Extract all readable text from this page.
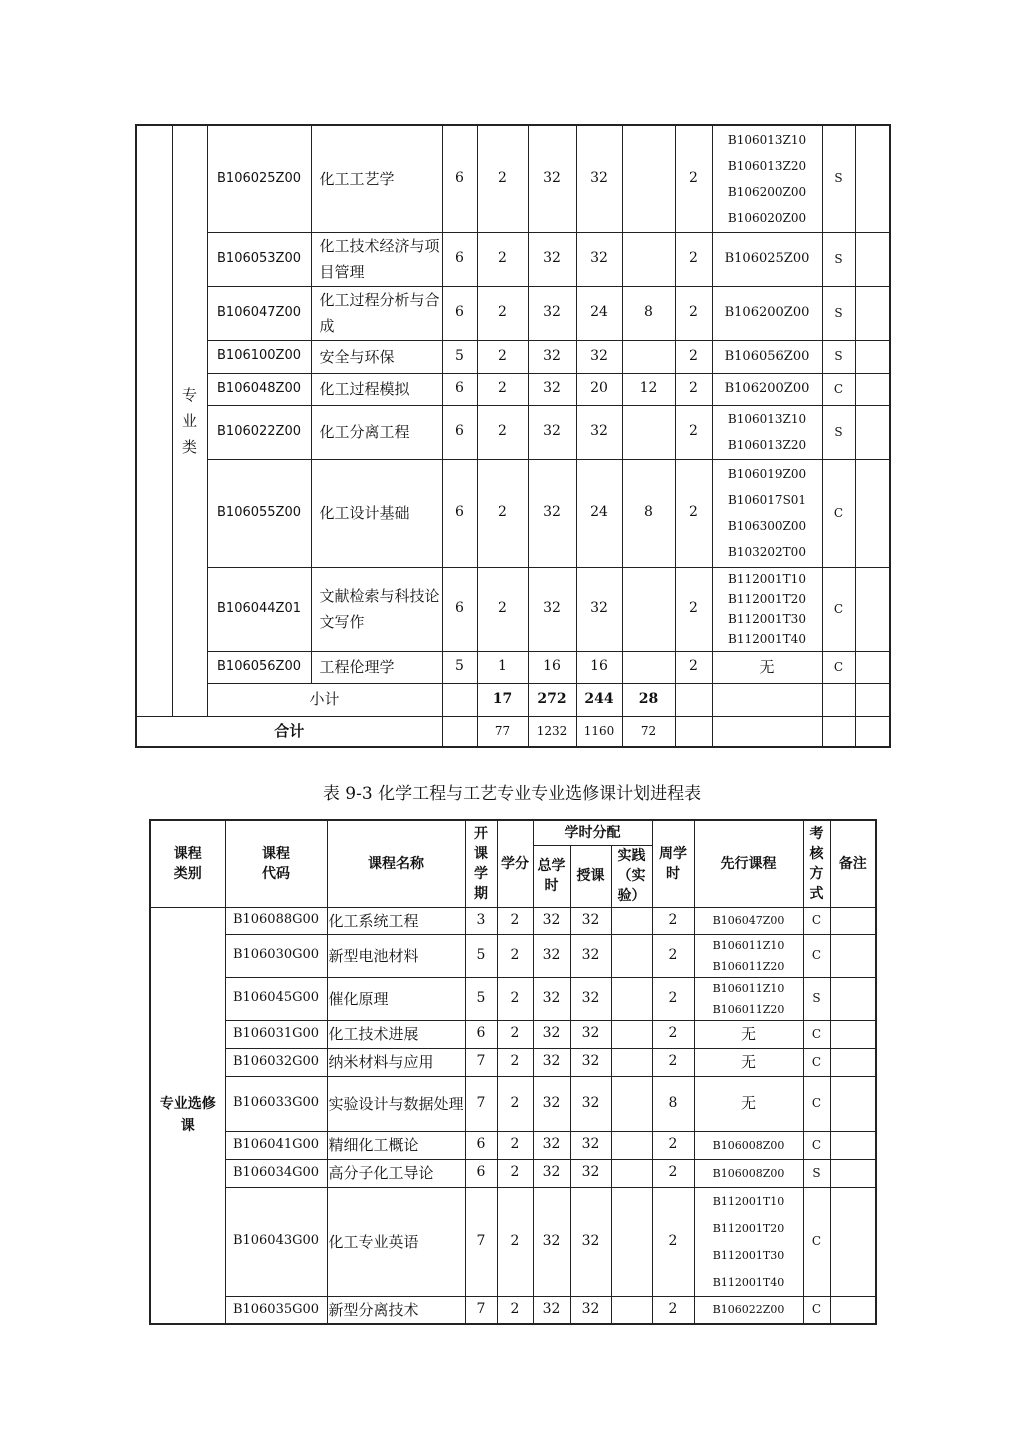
	专业类	B106025Z00	化工工艺学	6	2	32	32		2	B106013Z10
B106013Z20
B106200Z00
B106020Z00	S	
		B106053Z00	化工技术经济与项目管理	6	2	32	32		2	B106025Z00	S	
		B106047Z00	化工过程分析与合成	6	2	32	24	8	2	B106200Z00	S	
		B106100Z00	安全与环保	5	2	32	32		2	B106056Z00	S	
		B106048Z00	化工过程模拟	6	2	32	20	12	2	B106200Z00	C	
		B106022Z00	化工分离工程	6	2	32	32		2	B106013Z10
B106013Z20	S	
		B106055Z00	化工设计基础	6	2	32	24	8	2	B106019Z00
B106017S01
B106300Z00
B103202T00	C	
		B106044Z01	文献检索与科技论文写作	6	2	32	32		2	B112001T10
B112001T20
B112001T30
B112001T40	C	
		B106056Z00	工程伦理学	5	1	16	16		2	无	C	
		小计			17	272	244	28				
合计					77	1232	1160	72				
表 9-3 化学工程与工艺专业专业选修课计划进程表
课程类别	课程代码	课程名称	开课学期	学分	学时分配			周学时	先行课程	考核方式	备注
					总学时	授课	实践（实验）				
专业选修课	B106088G00	化工系统工程	3	2	32	32		2	B106047Z00	C	
	B106030G00	新型电池材料	5	2	32	32		2	B106011Z10
B106011Z20	C	
	B106045G00	催化原理	5	2	32	32		2	B106011Z10
B106011Z20	S	
	B106031G00	化工技术进展	6	2	32	32		2	无	C	
	B106032G00	纳米材料与应用	7	2	32	32		2	无	C	
	B106033G00	实验设计与数据处理	7	2	32	32		8	无	C	
	B106041G00	精细化工概论	6	2	32	32		2	B106008Z00	C	
	B106034G00	高分子化工导论	6	2	32	32		2	B106008Z00	S	
	B106043G00	化工专业英语	7	2	32	32		2	B112001T10
B112001T20
B112001T30
B112001T40	C	
	B106035G00	新型分离技术	7	2	32	32		2	B106022Z00	C	
